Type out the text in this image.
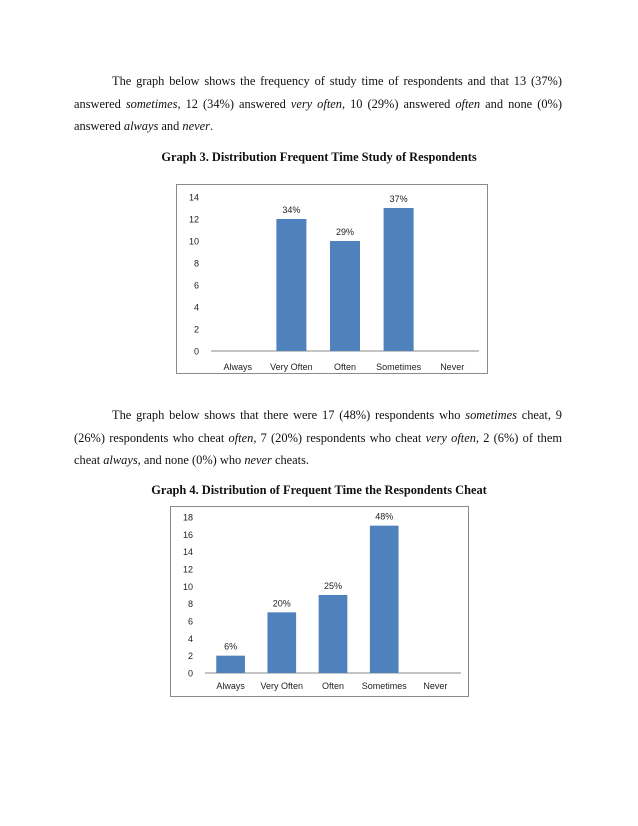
The graph below shows the frequency of study time of respondents and that 13 (37%)
answered sometimes, 12 (34%) answered very often, 10 (29%) answered often and none (0%)
answered always and never.
Graph 3. Distribution Frequent Time Study of Respondents
0
2
4
6
8
10
12
14
Always
34%
Very Often
29%
Often
37%
Sometimes Never
The graph below shows that there were 17 (48%) respondents who sometimes cheat, 9
(26%) respondents who cheat often, 7 (20%) respondents who cheat very often, 2 (6%) of them
cheat always, and none (0%) who never cheats.
Graph 4. Distribution of Frequent Time the Respondents Cheat
0
2
4
6
8
10
12
14
16
18
6%
Always
20%
Very Often
25%
Often
48%
Sometimes Never
